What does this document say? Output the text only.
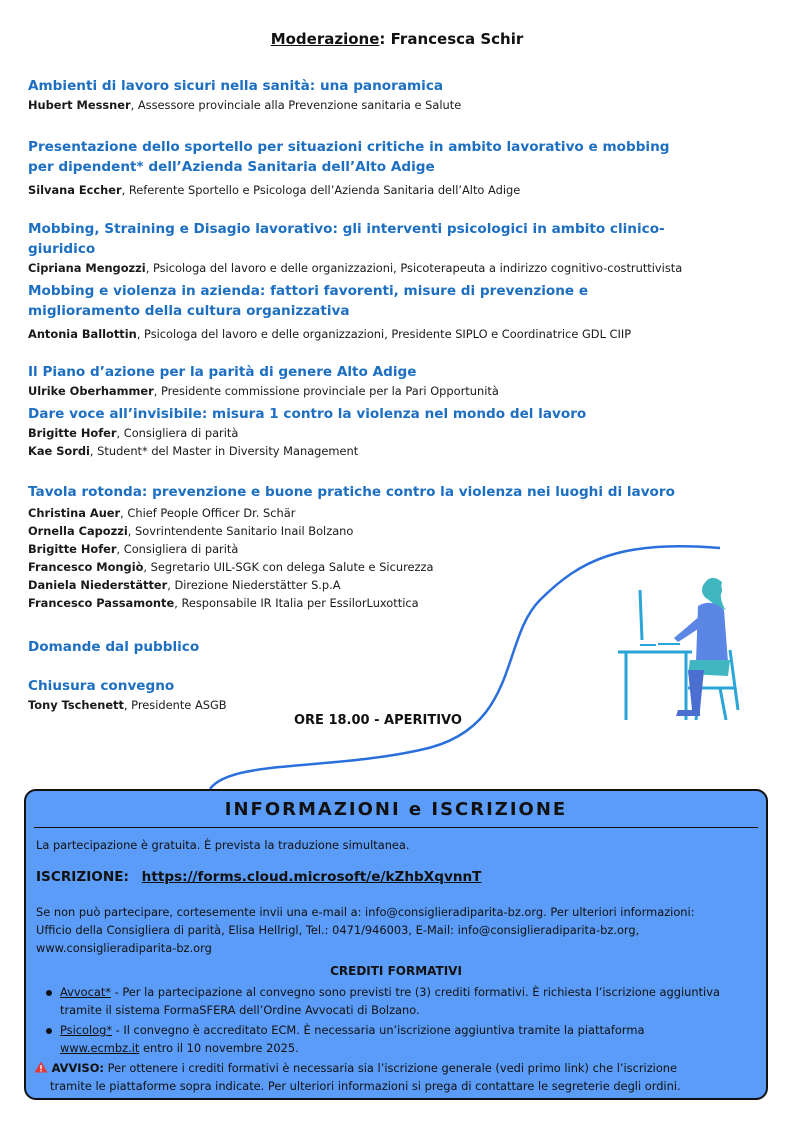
Moderazione: Francesca Schir

Ambienti di lavoro sicuri nella sanità: una panoramica

Hubert Messner, Assessore provinciale alla Prevenzione sanitaria e Salute

Presentazione dello sportello per situazioni critiche in ambito lavorativo e mobbing

per dipendent* dell’Azienda Sanitaria dell’Alto Adige

Silvana Eccher, Referente Sportello e Psicologa dell’Azienda Sanitaria dell’Alto Adige

Mobbing, Straining e Disagio lavorativo: gli interventi psicologici in ambito clinico-giuridico

Cipriana Mengozzi, Psicologa del lavoro e delle organizzazioni, Psicoterapeuta a indirizzo cognitivo-costruttivista

Mobbing e violenza in azienda: fattori favorenti, misure di prevenzione e

miglioramento della cultura organizzativa

Antonia Ballottin, Psicologa del lavoro e delle organizzazioni, Presidente SIPLO e Coordinatrice GDL CIIP

Il Piano d’azione per la parità di genere Alto Adige

Ulrike Oberhammer, Presidente commissione provinciale per la Pari Opportunità

Dare voce all’invisibile: misura 1 contro la violenza nel mondo del lavoro

Brigitte Hofer, Consigliera di parità

Kae Sordi, Student* del Master in Diversity Management

Tavola rotonda: prevenzione e buone pratiche contro la violenza nei luoghi di lavoro

Christina Auer, Chief People Officer Dr. Schär

Ornella Capozzi, Sovrintendente Sanitario Inail Bolzano

Brigitte Hofer, Consigliera di parità

Francesco Mongiò, Segretario UIL-SGK con delega Salute e Sicurezza

Daniela Niederstätter, Direzione Niederstätter S.p.A

Francesco Passamonte, Responsabile IR Italia per EssilorLuxottica

Domande dal pubblico

Chiusura convegno

Tony Tschenett, Presidente ASGB

ORE 18.00 - APERITIVO
INFORMAZIONI e ISCRIZIONE
La partecipazione è gratuita. È prevista la traduzione simultanea.
ISCRIZIONE: https://forms.cloud.microsoft/e/kZhbXqvnnT
Se non può partecipare, cortesemente invii una e-mail a: info@consiglieradiparita-bz.org. Per ulteriori informazioni:
Ufficio della Consigliera di parità, Elisa Hellrigl, Tel.: 0471/946003, E-Mail: info@consiglieradiparita-bz.org,
www.consiglieradiparita-bz.org
CREDITI FORMATIVI
Avvocat* - Per la partecipazione al convegno sono previsti tre (3) crediti formativi. È richiesta l’iscrizione aggiuntiva
tramite il sistema FormaSFERA dell’Ordine Avvocati di Bolzano.
Psicolog* - Il convegno è accreditato ECM. È necessaria un’iscrizione aggiuntiva tramite la piattaforma
www.ecmbz.it entro il 10 novembre 2025.
AVVISO: Per ottenere i crediti formativi è necessaria sia l’iscrizione generale (vedi primo link) che l’iscrizione
tramite le piattaforme sopra indicate. Per ulteriori informazioni si prega di contattare le segreterie degli ordini.
